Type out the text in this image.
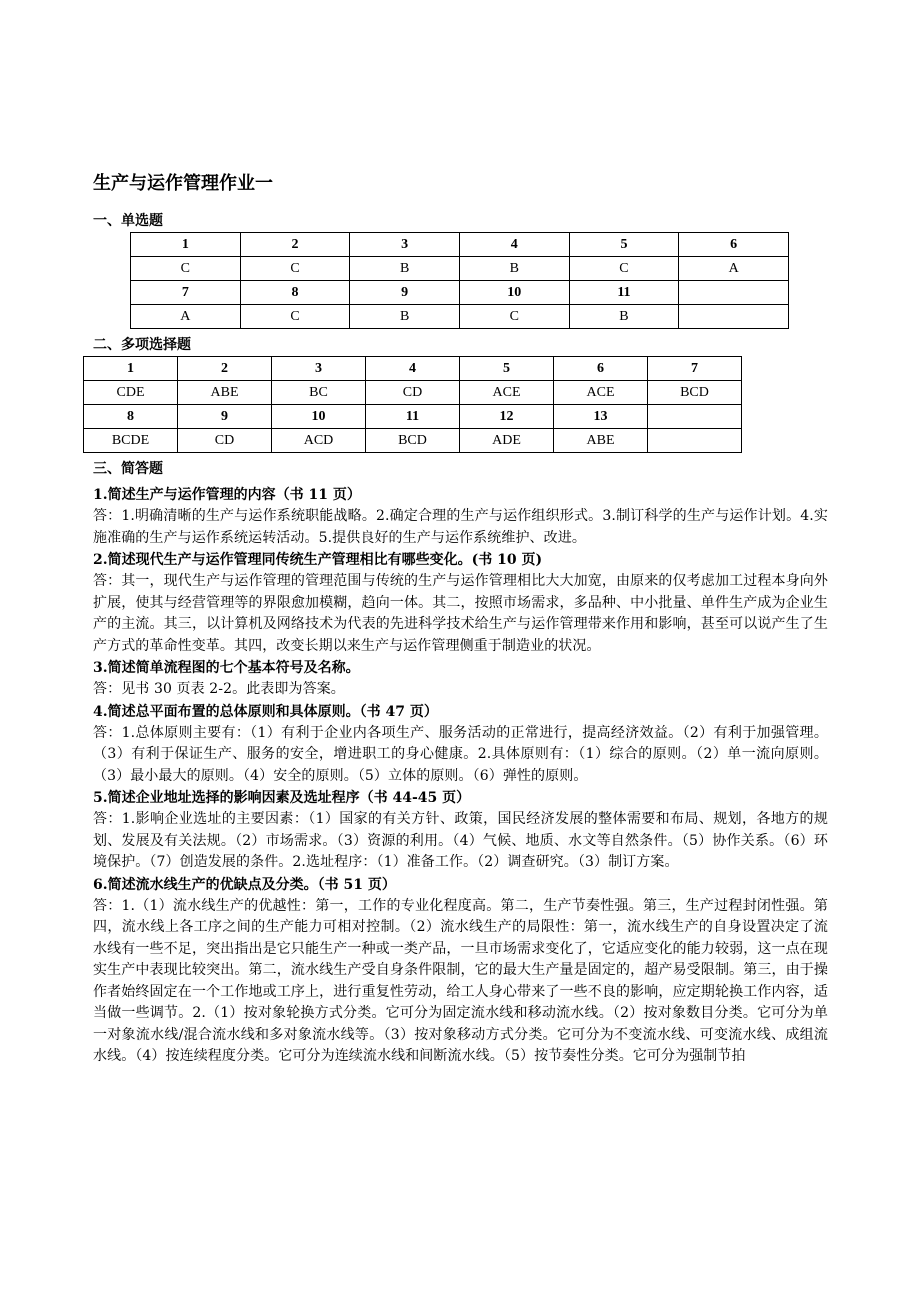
生产与运作管理作业一
一、单选题
1	2	3	4	5	6
C	C	B	B	C	A
7	8	9	10	11	
A	C	B	C	B	
二、多项选择题
1	2	3	4	5	6	7
CDE	ABE	BC	CD	ACE	ACE	BCD
8	9	10	11	12	13	
BCDE	CD	ACD	BCD	ADE	ABE	
三、简答题

1.简述生产与运作管理的内容（书 11 页）

答：1.明确清晰的生产与运作系统职能战略。2.确定合理的生产与运作组织形式。3.制订科学的生产与运作计划。4.实施准确的生产与运作系统运转活动。5.提供良好的生产与运作系统维护、改进。

2.简述现代生产与运作管理同传统生产管理相比有哪些变化。(书 10 页)

答：其一，现代生产与运作管理的管理范围与传统的生产与运作管理相比大大加宽，由原来的仅考虑加工过程本身向外扩展，使其与经营管理等的界限愈加模糊，趋向一体。其二，按照市场需求，多品种、中小批量、单件生产成为企业生产的主流。其三，以计算机及网络技术为代表的先进科学技术给生产与运作管理带来作用和影响，甚至可以说产生了生产方式的革命性变革。其四，改变长期以来生产与运作管理侧重于制造业的状况。

3.简述简单流程图的七个基本符号及名称。

答：见书 30 页表 2-2。此表即为答案。

4.简述总平面布置的总体原则和具体原则。（书 47 页）

答：1.总体原则主要有：（1）有利于企业内各项生产、服务活动的正常进行，提高经济效益。（2）有利于加强管理。（3）有利于保证生产、服务的安全，增进职工的身心健康。2.具体原则有：（1）综合的原则。（2）单一流向原则。（3）最小最大的原则。（4）安全的原则。（5）立体的原则。（6）弹性的原则。

5.简述企业地址选择的影响因素及选址程序（书 44-45 页）

答：1.影响企业选址的主要因素：（1）国家的有关方针、政策，国民经济发展的整体需要和布局、规划，各地方的规划、发展及有关法规。（2）市场需求。（3）资源的利用。（4）气候、地质、水文等自然条件。（5）协作关系。（6）环境保护。（7）创造发展的条件。2.选址程序：（1）准备工作。（2）调查研究。（3）制订方案。

6.简述流水线生产的优缺点及分类。（书 51 页）

答：1.（1）流水线生产的优越性：第一，工作的专业化程度高。第二，生产节奏性强。第三，生产过程封闭性强。第四，流水线上各工序之间的生产能力可相对控制。（2）流水线生产的局限性：第一，流水线生产的自身设置决定了流水线有一些不足，突出指出是它只能生产一种或一类产品，一旦市场需求变化了，它适应变化的能力较弱，这一点在现实生产中表现比较突出。第二，流水线生产受自身条件限制，它的最大生产量是固定的，超产易受限制。第三，由于操作者始终固定在一个工作地或工序上，进行重复性劳动，给工人身心带来了一些不良的影响，应定期轮换工作内容，适当做一些调节。2.（1）按对象轮换方式分类。它可分为固定流水线和移动流水线。（2）按对象数目分类。它可分为单一对象流水线/混合流水线和多对象流水线等。（3）按对象移动方式分类。它可分为不变流水线、可变流水线、成组流水线。（4）按连续程度分类。它可分为连续流水线和间断流水线。（5）按节奏性分类。它可分为强制节拍
